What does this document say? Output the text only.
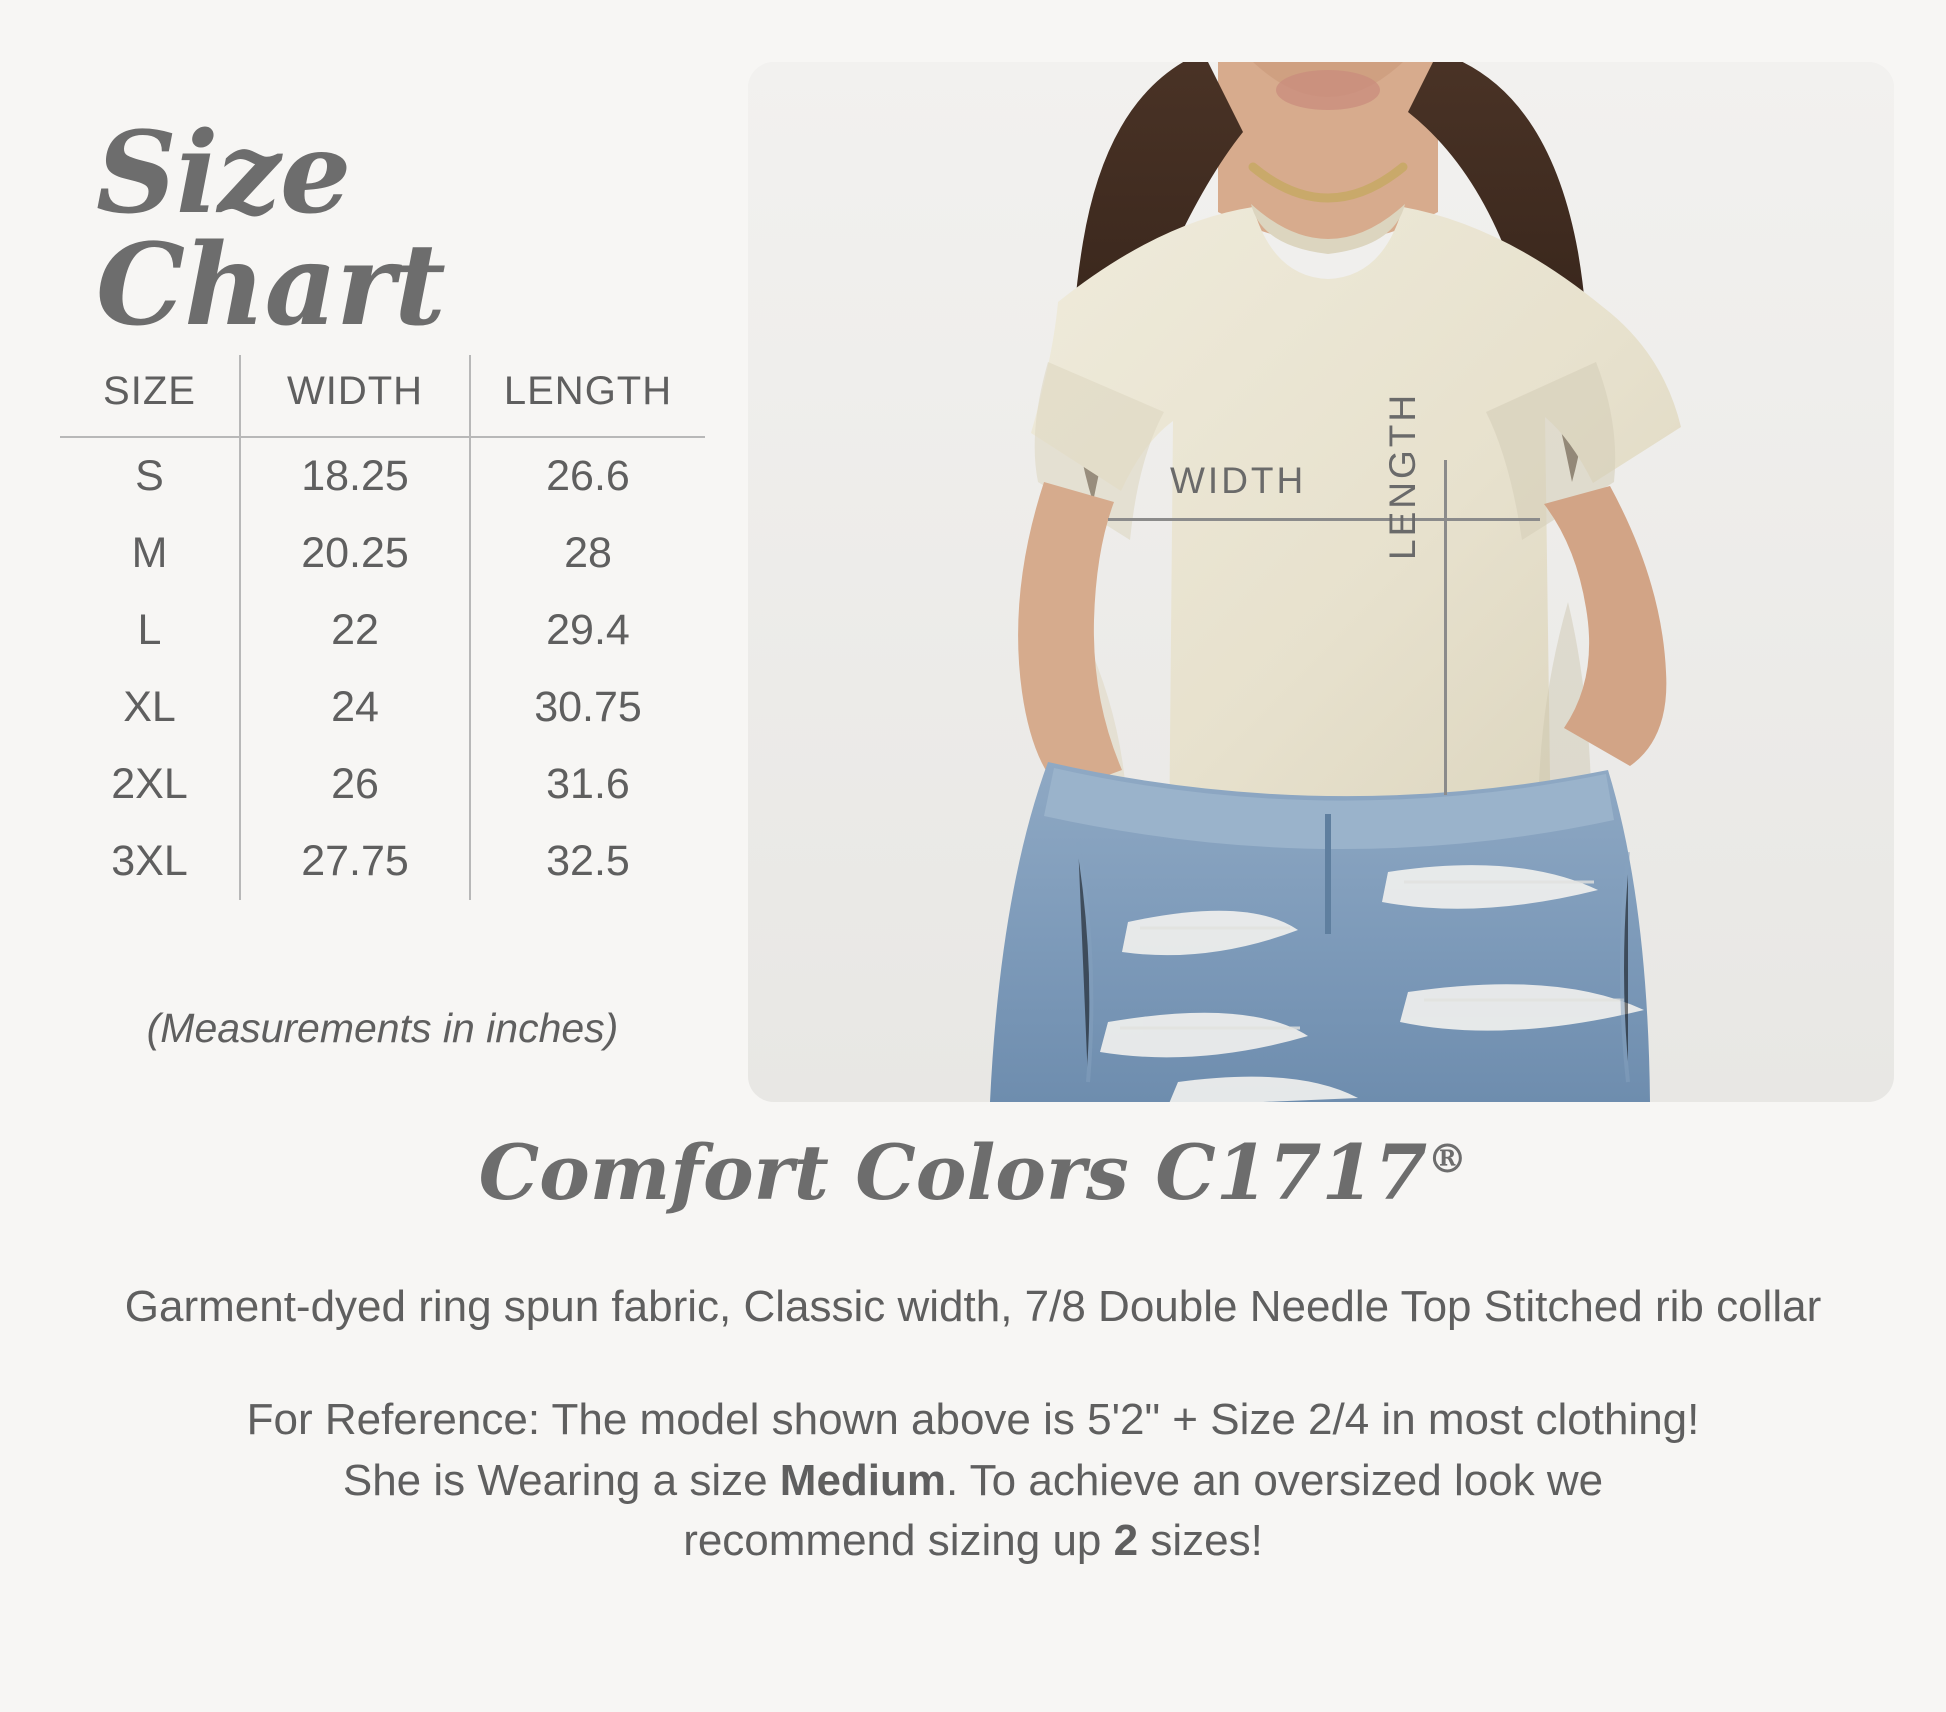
Size Chart
SIZE	WIDTH	LENGTH
S	18.25	26.6
M	20.25	28
L	22	29.4
XL	24	30.75
2XL	26	31.6
3XL	27.75	32.5
(Measurements in inches)
WIDTH LENGTH
Comfort Colors C1717®
Garment-dyed ring spun fabric, Classic width, 7/8 Double Needle Top Stitched rib collar
For Reference: The model shown above is 5'2" + Size 2/4 in most clothing!
She is Wearing a size Medium. To achieve an oversized look we
recommend sizing up 2 sizes!
